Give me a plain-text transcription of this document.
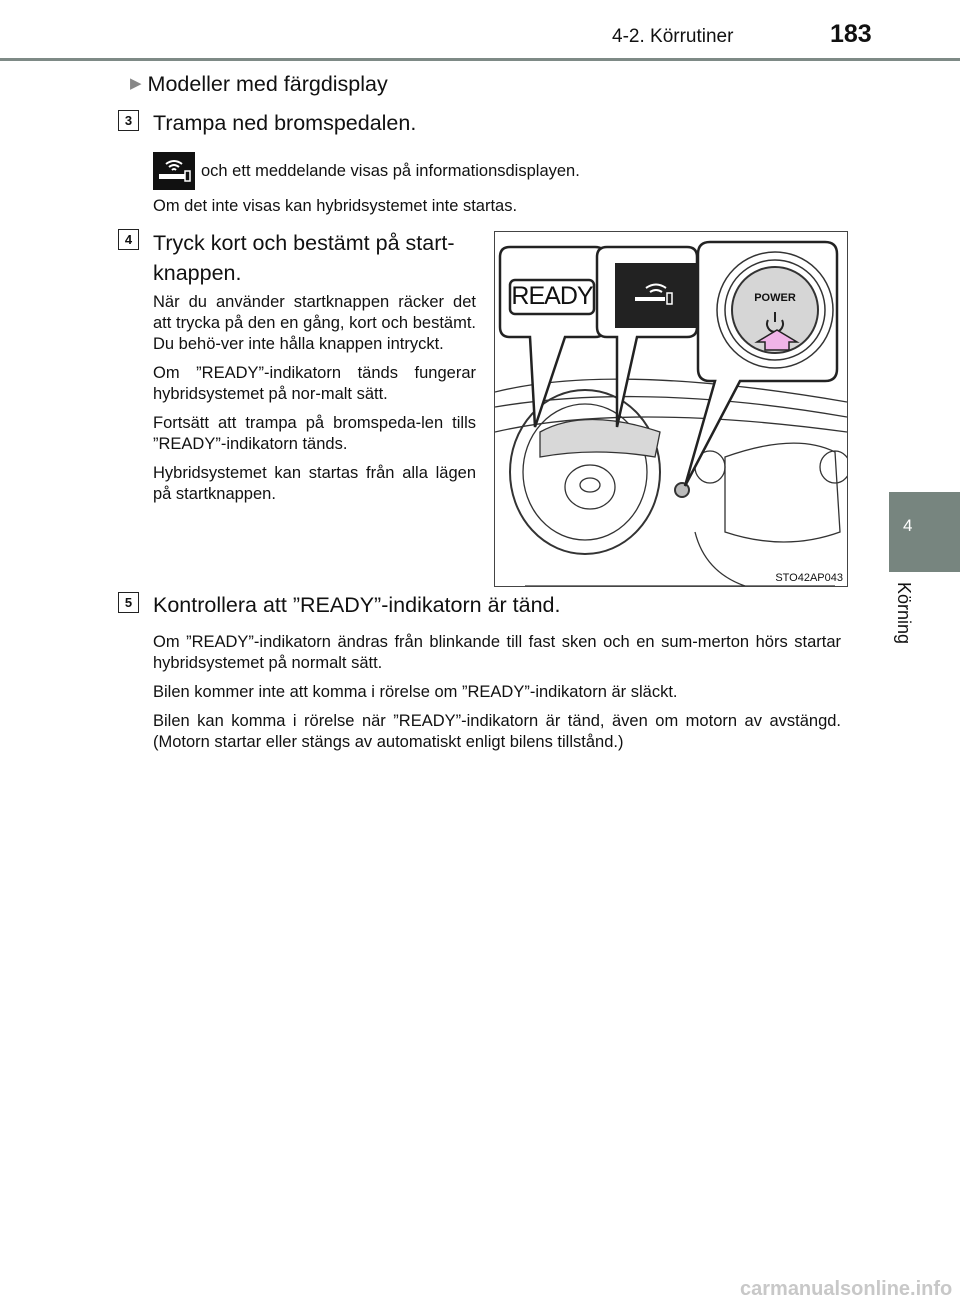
4-2. Körrutiner	183
4
Körning
▶ Modeller med färgdisplay
3 Trampa ned bromspedalen.
och ett meddelande visas på informationsdisplayen.
Om det inte visas kan hybridsystemet inte startas.
4 Tryck kort och bestämt på start-
knappen.

När du använder startknappen räcker det att trycka på den en gång, kort och bestämt. Du behö-ver inte hålla knappen intryckt.

Om ”READY”-indikatorn tänds fungerar hybridsystemet på nor-malt sätt.

Fortsätt att trampa på bromspeda-len tills ”READY”-indikatorn tänds.

Hybridsystemet kan startas från alla lägen på startknappen.

READY	POWER
STO42AP043
5 Kontrollera att ”READY”-indikatorn är tänd.

Om ”READY”-indikatorn ändras från blinkande till fast sken och en sum-merton hörs startar hybridsystemet på normalt sätt.

Bilen kommer inte att komma i rörelse om ”READY”-indikatorn är släckt.

Bilen kan komma i rörelse när ”READY”-indikatorn är tänd, även om motorn av avstängd. (Motorn startar eller stängs av automatiskt enligt bilens tillstånd.)

carmanualsonline.info
